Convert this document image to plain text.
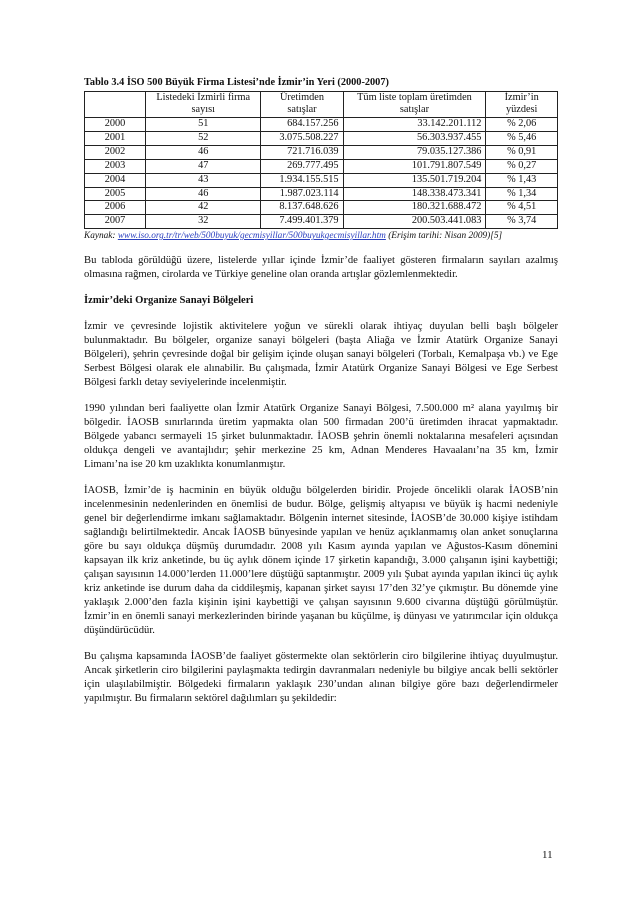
Tablo 3.4 İSO 500 Büyük Firma Listesi’nde İzmir’in Yeri (2000-2007)
	Listedeki İzmirli firma sayısı	Üretimden satışlar	Tüm liste toplam üretimden satışlar	İzmir’in yüzdesi
2000	51	684.157.256	33.142.201.112	% 2,06
2001	52	3.075.508.227	56.303.937.455	% 5,46
2002	46	721.716.039	79.035.127.386	% 0,91
2003	47	269.777.495	101.791.807.549	% 0,27
2004	43	1.934.155.515	135.501.719.204	% 1,43
2005	46	1.987.023.114	148.338.473.341	% 1,34
2006	42	8.137.648.626	180.321.688.472	% 4,51
2007	32	7.499.401.379	200.503.441.083	% 3,74
Kaynak: www.iso.org.tr/tr/web/500buyuk/gecmisyillar/500buyukgecmisyillar.htm (Erişim tarihi: Nisan 2009)[5]

Bu tabloda görüldüğü üzere, listelerde yıllar içinde İzmir’de faaliyet gösteren firmaların sayıları azalmış olmasına rağmen, cirolarda ve Türkiye geneline olan oranda artışlar gözlemlenmektedir.

İzmir’deki Organize Sanayi Bölgeleri

İzmir ve çevresinde lojistik aktivitelere yoğun ve sürekli olarak ihtiyaç duyulan belli başlı bölgeler bulunmaktadır. Bu bölgeler, organize sanayi bölgeleri (başta Aliağa ve İzmir Atatürk Organize Sanayi Bölgeleri), şehrin çevresinde doğal bir gelişim içinde oluşan sanayi bölgeleri (Torbalı, Kemalpaşa vb.) ve Ege Serbest Bölgesi olarak ele alınabilir. Bu çalışmada, İzmir Atatürk Organize Sanayi Bölgesi ve Ege Serbest Bölgesi farklı detay seviyelerinde incelenmiştir.

1990 yılından beri faaliyette olan İzmir Atatürk Organize Sanayi Bölgesi, 7.500.000 m² alana yayılmış bir bölgedir. İAOSB sınırlarında üretim yapmakta olan 500 firmadan 200’ü üretimden ihracat yapmaktadır. Bölgede yabancı sermayeli 15 şirket bulunmaktadır. İAOSB şehrin önemli noktalarına mesafeleri açısından oldukça dengeli ve avantajlıdır; şehir merkezine 25 km, Adnan Menderes Havaalanı’na 35 km, İzmir Limanı’na ise 20 km uzaklıkta konumlanmıştır.

İAOSB, İzmir’de iş hacminin en büyük olduğu bölgelerden biridir. Projede öncelikli olarak İAOSB’nin incelenmesinin nedenlerinden en önemlisi de budur. Bölge, gelişmiş altyapısı ve büyük iş hacmi nedeniyle genel bir değerlendirme imkanı sağlamaktadır. Bölgenin internet sitesinde, İAOSB’de 30.000 kişiye istihdam sağlandığı belirtilmektedir. Ancak İAOSB bünyesinde yapılan ve henüz açıklanmamış olan anket sonuçlarına göre bu sayı oldukça düşmüş durumdadır. 2008 yılı Kasım ayında yapılan ve Ağustos-Kasım dönemini kapsayan ilk kriz anketinde, bu üç aylık dönem içinde 17 şirketin kapandığı, 3.000 çalışanın işini kaybettiği; çalışan sayısının 14.000’lerden 11.000’lere düştüğü saptanmıştır. 2009 yılı Şubat ayında yapılan ikinci üç aylık kriz anketinde ise durum daha da ciddileşmiş, kapanan şirket sayısı 17’den 32’ye çıkmıştır. Bu dönemde yine yaklaşık 2.000’den fazla kişinin işini kaybettiği ve çalışan sayısının 9.600 civarına düştüğü görülmüştür. İzmir’in en önemli sanayi merkezlerinden birinde yaşanan bu küçülme, iş dünyası ve yatırımcılar için oldukça düşündürücüdür.

Bu çalışma kapsamında İAOSB’de faaliyet göstermekte olan sektörlerin ciro bilgilerine ihtiyaç duyulmuştur. Ancak şirketlerin ciro bilgilerini paylaşmakta tedirgin davranmaları nedeniyle bu bilgiye ancak belli sektörler için ulaşılabilmiştir. Bölgedeki firmaların yaklaşık 230’undan alınan bilgiye göre bazı değerlendirmeler yapılmıştır. Bu firmaların sektörel dağılımları şu şekildedir:

11
